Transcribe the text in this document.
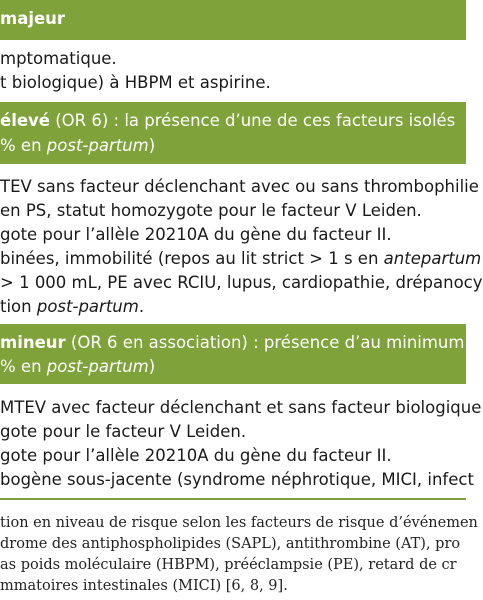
majeur
mptomatique.
t biologique) à HBPM et aspirine.
élevé (OR 6) : la présence d’une de ces facteurs isolés
% en post-partum)
TEV sans facteur déclenchant avec ou sans thrombophilie
en PS, statut homozygote pour le facteur V Leiden.
gote pour l’allèle 20210A du gène du facteur II.
binées, immobilité (repos au lit strict > 1 s en antepartum
> 1 000 mL, PE avec RCIU, lupus, cardiopathie, drépanocy
tion post-partum.
mineur (OR 6 en association) : présence d’au minimum u
% en post-partum)
MTEV avec facteur déclenchant et sans facteur biologique
gote pour le facteur V Leiden.
gote pour l’allèle 20210A du gène du facteur II.
bogène sous-jacente (syndrome néphrotique, MICI, infect
tion en niveau de risque selon les facteurs de risque d’événemen
drome des antiphospholipides (SAPL), antithrombine (AT), pro
as poids moléculaire (HBPM), prééclampsie (PE), retard de cr
mmatoires intestinales (MICI) [6, 8, 9].
